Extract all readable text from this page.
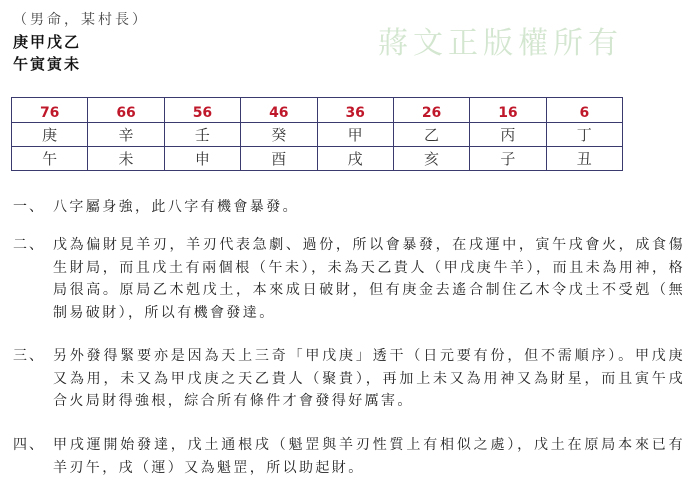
（男命，某村長）
庚甲戊乙
午寅寅未
蔣文正版權所有
76	66	56	46	36	26	16	6
庚	辛	壬	癸	甲	乙	丙	丁
午	未	申	酉	戌	亥	子	丑
一、 八字屬身強，此八字有機會暴發。
二、 戊為偏財見羊刃，羊刃代表急劇、過份，所以會暴發，在戌運中，寅午戌會火，成食傷生財局，而且戊土有兩個根（午未），未為天乙貴人（甲戊庚牛羊），而且未為用神，格局很高。原局乙木剋戊土，本來成日破財，但有庚金去遙合制住乙木令戊土不受剋（無制易破財），所以有機會發達。
三、 另外發得緊要亦是因為天上三奇「甲戊庚」透干（日元要有份，但不需順序）。甲戊庚又為用，未又為甲戊庚之天乙貴人（聚貴），再加上未又為用神又為財星，而且寅午戌合火局財得強根，綜合所有條件才會發得好厲害。
四、 甲戌運開始發達，戊土通根戌（魁罡與羊刃性質上有相似之處），戊土在原局本來已有羊刃午，戌（運）又為魁罡，所以助起財。
